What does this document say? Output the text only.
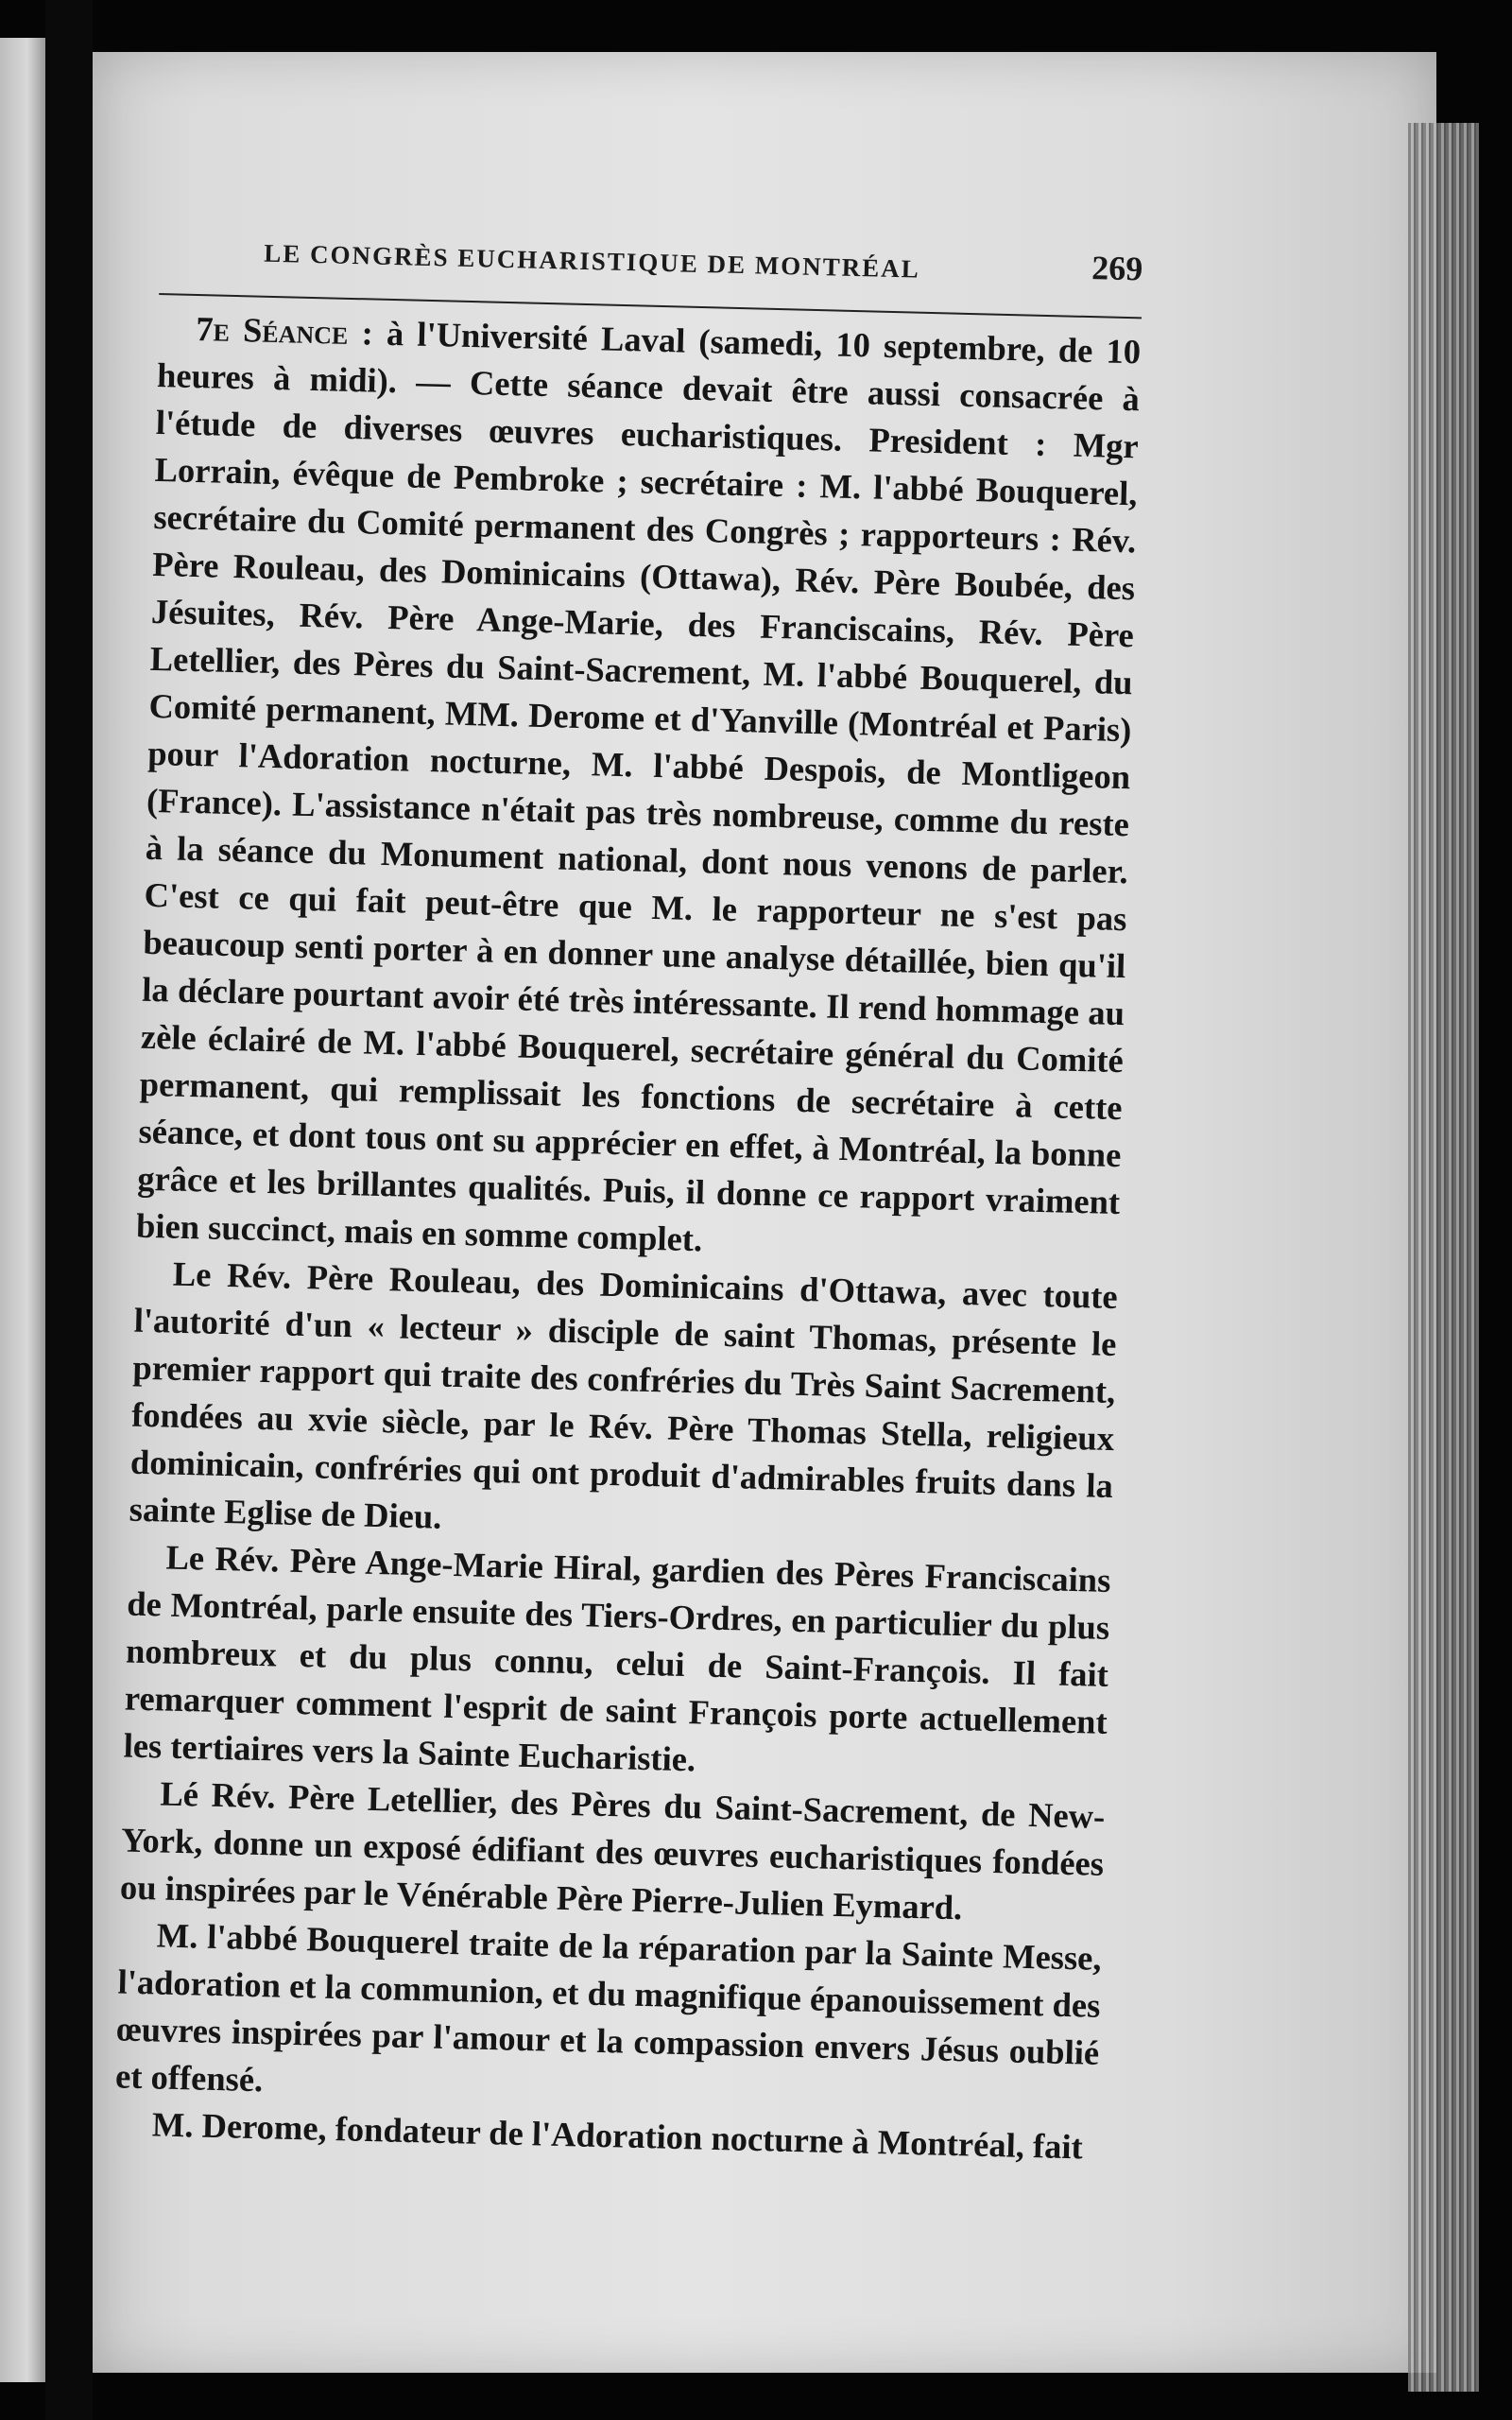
LE CONGRÈS EUCHARISTIQUE DE MONTRÉAL	269

7e Séance : à l'Université Laval (samedi, 10 septembre, de 10 heures à midi). — Cette séance devait être aussi consacrée à l'étude de diverses œuvres eucharistiques. President : Mgr Lorrain, évêque de Pembroke ; secrétaire : M. l'abbé Bouquerel, secrétaire du Comité permanent des Congrès ; rapporteurs : Rév. Père Rouleau, des Dominicains (Ottawa), Rév. Père Boubée, des Jésuites, Rév. Père Ange-Marie, des Franciscains, Rév. Père Letellier, des Pères du Saint-Sacrement, M. l'abbé Bouquerel, du Comité permanent, MM. Derome et d'Yanville (Montréal et Paris) pour l'Adoration nocturne, M. l'abbé Despois, de Montligeon (France). L'assistance n'était pas très nombreuse, comme du reste à la séance du Monument national, dont nous venons de parler. C'est ce qui fait peut-être que M. le rapporteur ne s'est pas beaucoup senti porter à en donner une analyse détaillée, bien qu'il la déclare pourtant avoir été très intéressante. Il rend hommage au zèle éclairé de M. l'abbé Bouquerel, secrétaire général du Comité permanent, qui remplissait les fonctions de secrétaire à cette séance, et dont tous ont su apprécier en effet, à Montréal, la bonne grâce et les brillantes qualités. Puis, il donne ce rapport vraiment bien succinct, mais en somme complet.

Le Rév. Père Rouleau, des Dominicains d'Ottawa, avec toute l'autorité d'un « lecteur » disciple de saint Thomas, présente le premier rapport qui traite des confréries du Très Saint Sacrement, fondées au xvie siècle, par le Rév. Père Thomas Stella, religieux dominicain, confréries qui ont produit d'admirables fruits dans la sainte Eglise de Dieu.

Le Rév. Père Ange-Marie Hiral, gardien des Pères Franciscains de Montréal, parle ensuite des Tiers-Ordres, en particulier du plus nombreux et du plus connu, celui de Saint-François. Il fait remarquer comment l'esprit de saint François porte actuellement les tertiaires vers la Sainte Eucharistie.

Lé Rév. Père Letellier, des Pères du Saint-Sacrement, de New-York, donne un exposé édifiant des œuvres eucharistiques fondées ou inspirées par le Vénérable Père Pierre-Julien Eymard.

M. l'abbé Bouquerel traite de la réparation par la Sainte Messe, l'adoration et la communion, et du magnifique épanouissement des œuvres inspirées par l'amour et la compassion envers Jésus oublié et offensé.

M. Derome, fondateur de l'Adoration nocturne à Montréal, fait
